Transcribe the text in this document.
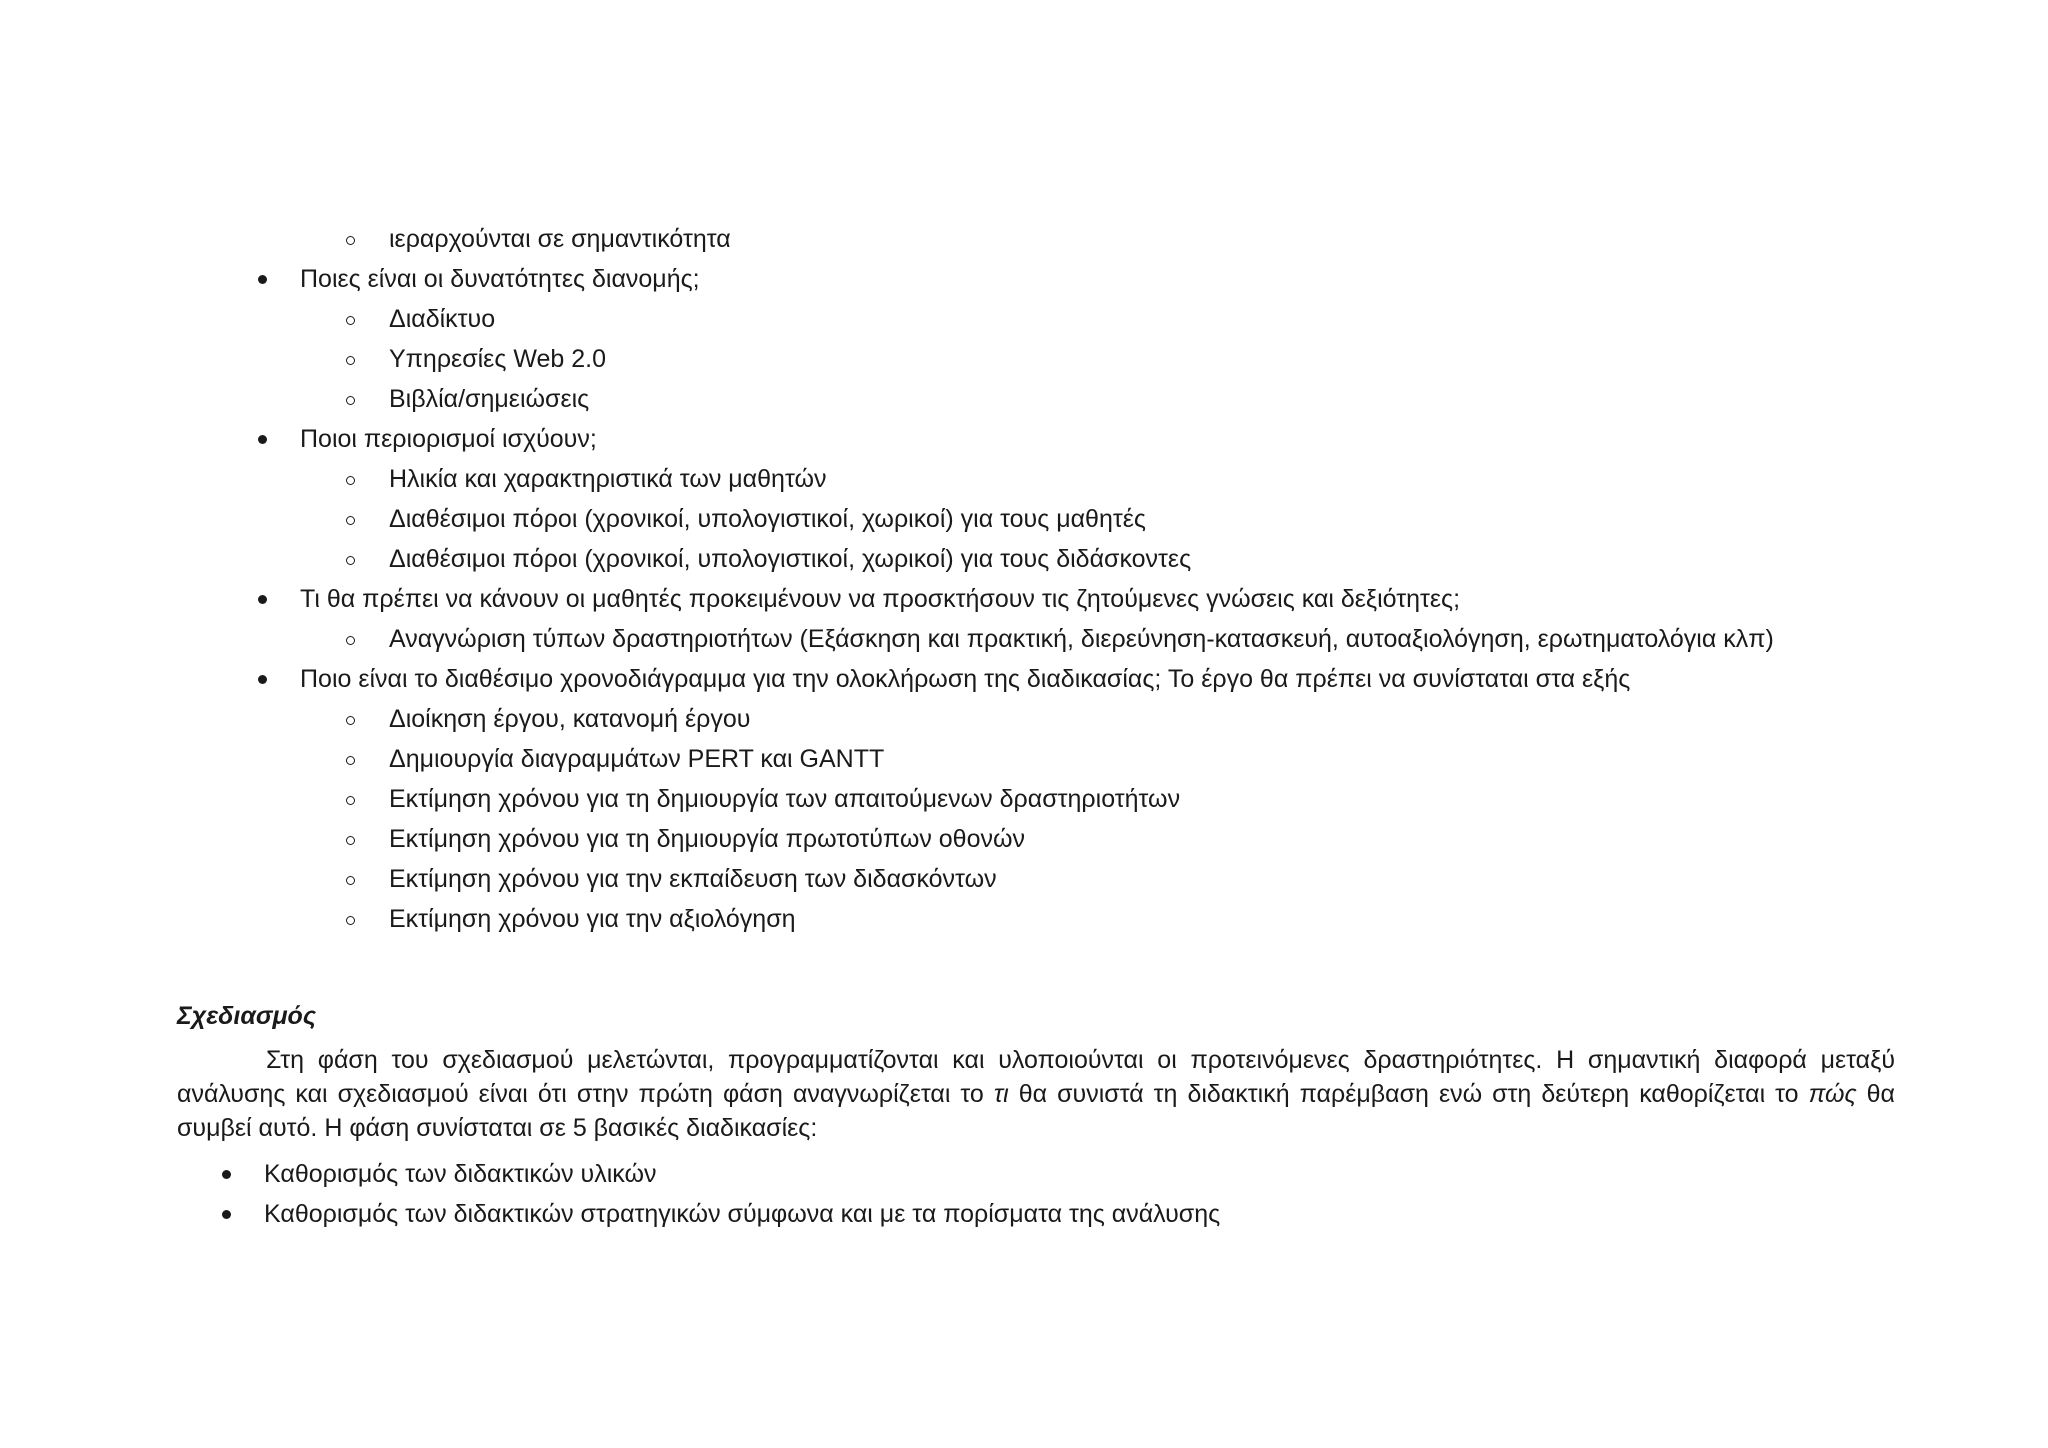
ιεραρχούνται σε σημαντικότητα
Ποιες είναι οι δυνατότητες διανομής;
Διαδίκτυο
Υπηρεσίες Web 2.0
Βιβλία/σημειώσεις
Ποιοι περιορισμοί ισχύουν;
Ηλικία και χαρακτηριστικά των μαθητών
Διαθέσιμοι πόροι (χρονικοί, υπολογιστικοί, χωρικοί) για τους μαθητές
Διαθέσιμοι πόροι (χρονικοί, υπολογιστικοί, χωρικοί) για τους διδάσκοντες
Τι θα πρέπει να κάνουν οι μαθητές προκειμένουν να προσκτήσουν τις ζητούμενες γνώσεις και δεξιότητες;
Αναγνώριση τύπων δραστηριοτήτων (Εξάσκηση και πρακτική, διερεύνηση-κατασκευή, αυτοαξιολόγηση, ερωτηματολόγια κλπ)
Ποιο είναι το διαθέσιμο χρονοδιάγραμμα για την ολοκλήρωση της διαδικασίας; Το έργο θα πρέπει να συνίσταται στα εξής
Διοίκηση έργου, κατανομή έργου
Δημιουργία διαγραμμάτων PERT και GANTT
Εκτίμηση χρόνου για τη δημιουργία των απαιτούμενων δραστηριοτήτων
Εκτίμηση χρόνου για τη δημιουργία πρωτοτύπων οθονών
Εκτίμηση χρόνου για την εκπαίδευση των διδασκόντων
Εκτίμηση χρόνου για την αξιολόγηση
Σχεδιασμός
Στη φάση του σχεδιασμού μελετώνται, προγραμματίζονται και υλοποιούνται οι προτεινόμενες δραστηριότητες. Η σημαντική διαφορά μεταξύ ανάλυσης και σχεδιασμού είναι ότι στην πρώτη φάση αναγνωρίζεται το τι θα συνιστά τη διδακτική παρέμβαση ενώ στη δεύτερη καθορίζεται το πώς θα συμβεί αυτό. Η φάση συνίσταται σε 5 βασικές διαδικασίες:
Καθορισμός των διδακτικών υλικών
Καθορισμός των διδακτικών στρατηγικών σύμφωνα και με τα πορίσματα της ανάλυσης
